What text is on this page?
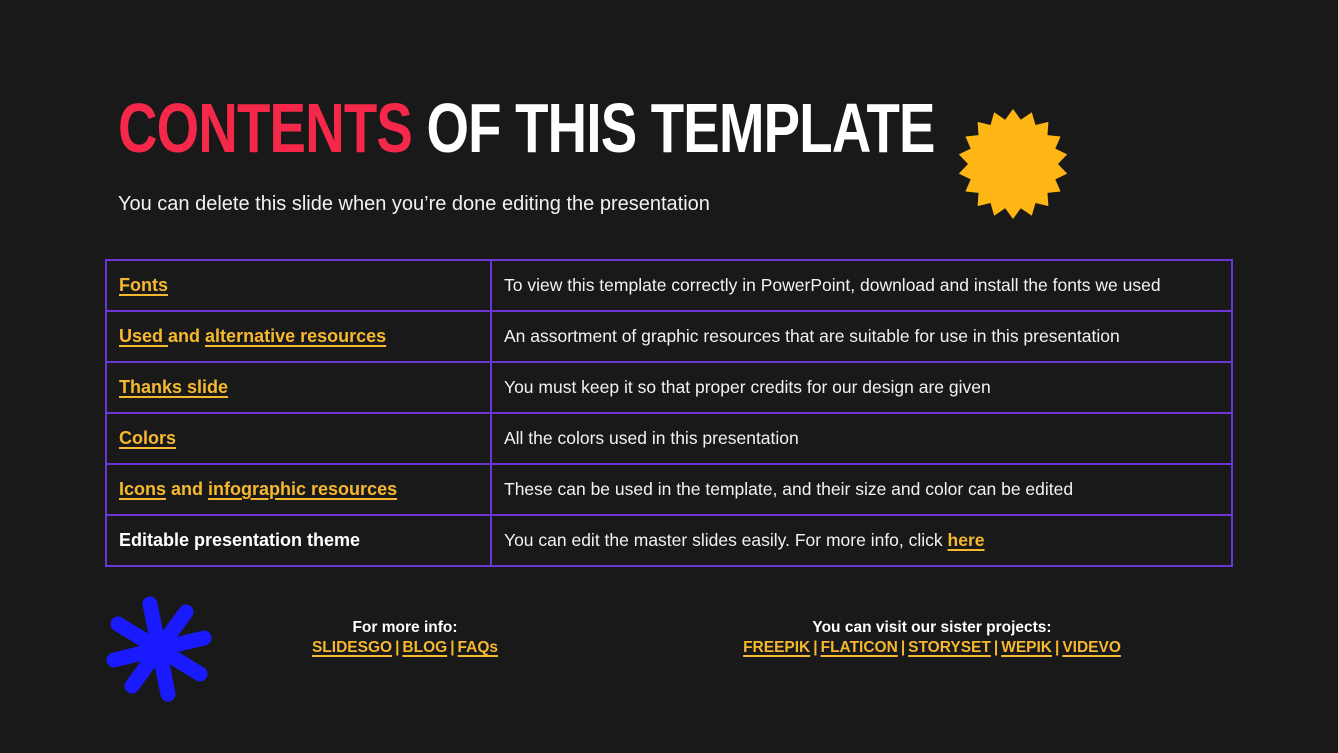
CONTENTS OF THIS TEMPLATE
You can delete this slide when you’re done editing the presentation
Fonts	To view this template correctly in PowerPoint, download and install the fonts we used
Used and alternative resources	An assortment of graphic resources that are suitable for use in this presentation
Thanks slide	You must keep it so that proper credits for our design are given
Colors	All the colors used in this presentation
Icons and infographic resources	These can be used in the template, and their size and color can be edited
Editable presentation theme	You can edit the master slides easily. For more info, click here
For more info:
SLIDESGO | BLOG | FAQs
You can visit our sister projects:
FREEPIK | FLATICON | STORYSET | WEPIK | VIDEVO
